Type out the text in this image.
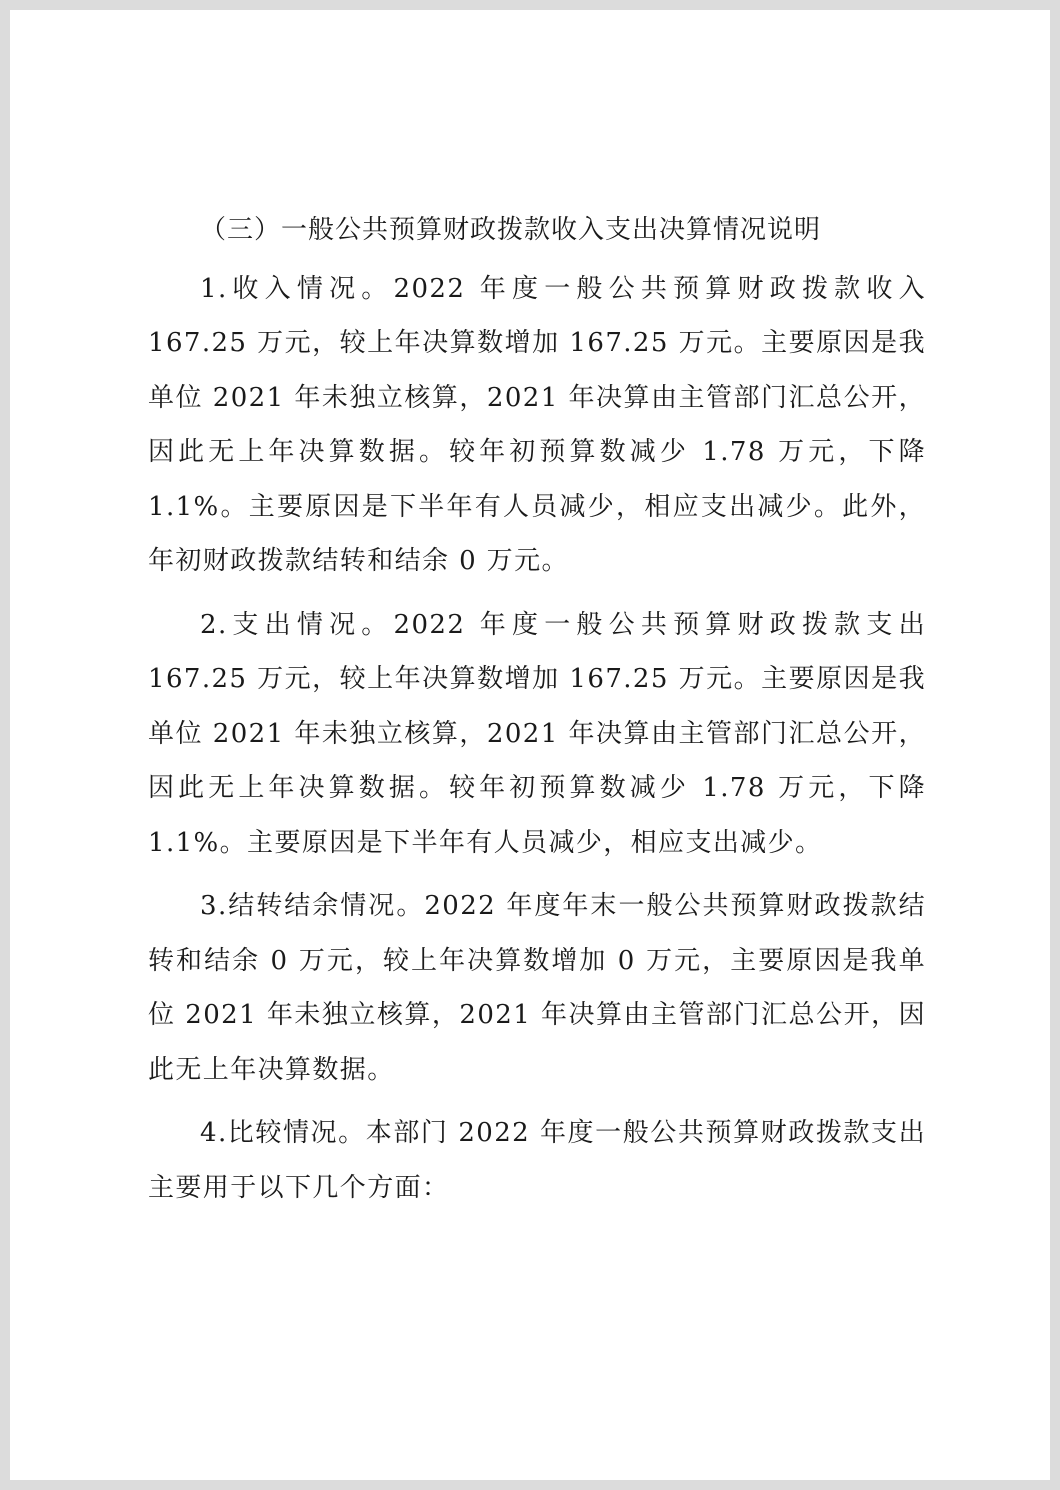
（三）一般公共预算财政拨款收入支出决算情况说明

1.收入情况。2022 年度一般公共预算财政拨款收入 167.25 万元，较上年决算数增加 167.25 万元。主要原因是我单位 2021 年未独立核算，2021 年决算由主管部门汇总公开，因此无上年决算数据。较年初预算数减少 1.78 万元，下降 1.1%。主要原因是下半年有人员减少，相应支出减少。此外，年初财政拨款结转和结余 0 万元。

2.支出情况。2022 年度一般公共预算财政拨款支出 167.25 万元，较上年决算数增加 167.25 万元。主要原因是我单位 2021 年未独立核算，2021 年决算由主管部门汇总公开，因此无上年决算数据。较年初预算数减少 1.78 万元，下降 1.1%。主要原因是下半年有人员减少，相应支出减少。

3.结转结余情况。2022 年度年末一般公共预算财政拨款结转和结余 0 万元，较上年决算数增加 0 万元，主要原因是我单位 2021 年未独立核算，2021 年决算由主管部门汇总公开，因此无上年决算数据。

4.比较情况。本部门 2022 年度一般公共预算财政拨款支出主要用于以下几个方面：
